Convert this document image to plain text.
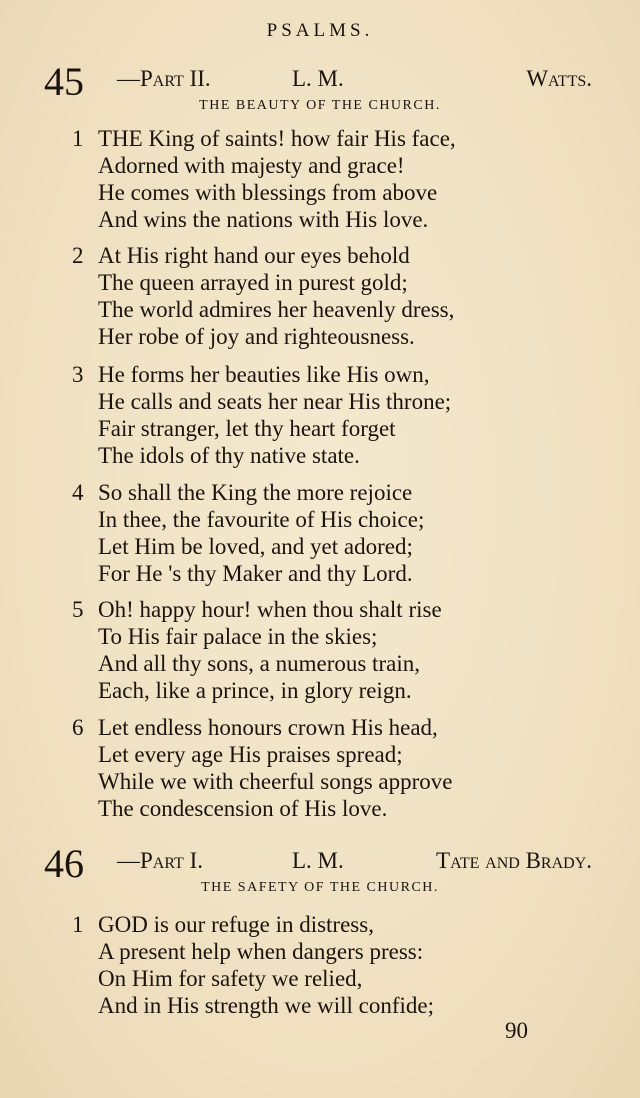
PSALMS.
45 —Part II.	L. M.	Watts.
THE BEAUTY OF THE CHURCH.
1 THE King of saints! how fair His face,
Adorned with majesty and grace!
He comes with blessings from above
And wins the nations with His love.
2 At His right hand our eyes behold
The queen arrayed in purest gold;
The world admires her heavenly dress,
Her robe of joy and righteousness.
3 He forms her beauties like His own,
He calls and seats her near His throne;
Fair stranger, let thy heart forget
The idols of thy native state.
4 So shall the King the more rejoice
In thee, the favourite of His choice;
Let Him be loved, and yet adored;
For He 's thy Maker and thy Lord.
5 Oh! happy hour! when thou shalt rise
To His fair palace in the skies;
And all thy sons, a numerous train,
Each, like a prince, in glory reign.
6 Let endless honours crown His head,
Let every age His praises spread;
While we with cheerful songs approve
The condescension of His love.
46 —Part I.	L. M.	Tate and Brady.
THE SAFETY OF THE CHURCH.
1 GOD is our refuge in distress,
A present help when dangers press:
On Him for safety we relied,
And in His strength we will confide;
90
